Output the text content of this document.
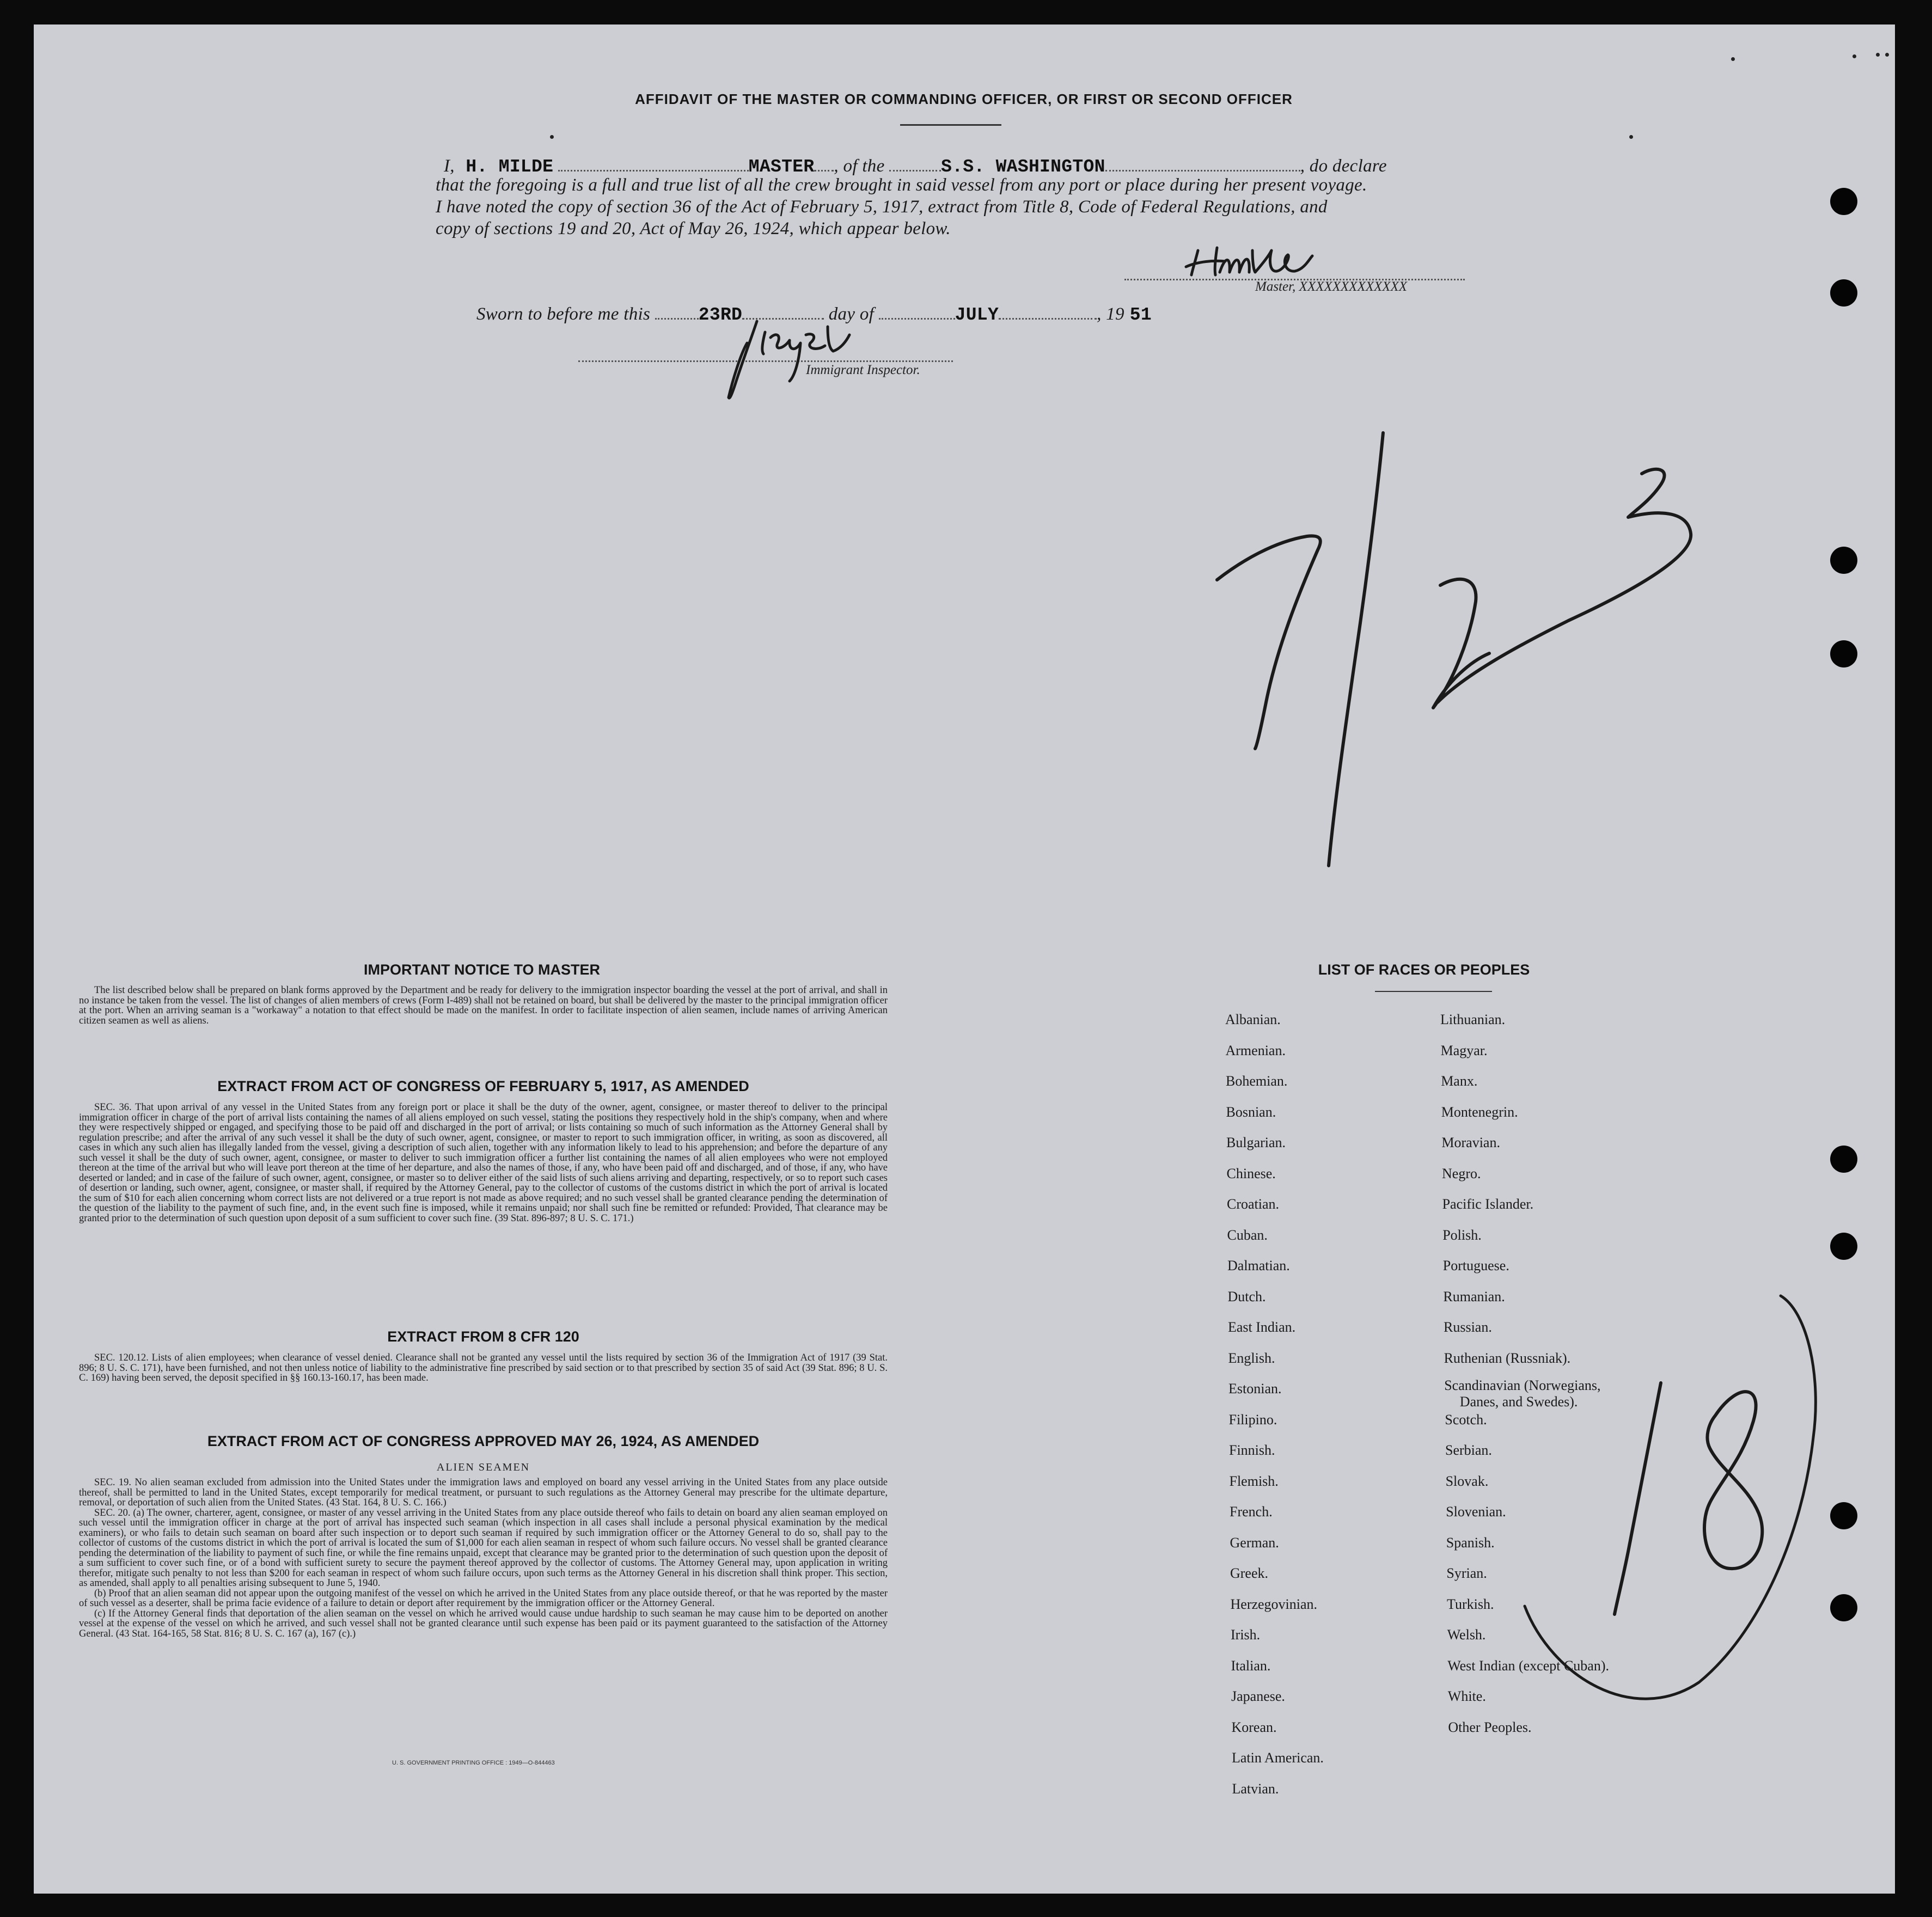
AFFIDAVIT OF THE MASTER OR COMMANDING OFFICER, OR FIRST OR SECOND OFFICER
I, H. MILDE	MASTER , of the	S.S. WASHINGTON	, do declare
that the foregoing is a full and true list of all the crew brought in said vessel from any port or place during her present voyage.
I have noted the copy of section 36 of the Act of February 5, 1917, extract from Title 8, Code of Federal Regulations, and
copy of sections 19 and 20, Act of May 26, 1924, which appear below.
Master, XXXXXXXXXXXXX
Sworn to before me this	23RD	day of	JULY	, 19 51
Immigrant Inspector.
IMPORTANT NOTICE TO MASTER

The list described below shall be prepared on blank forms approved by the Department and be ready for delivery to the immigration inspector boarding the vessel at the port of arrival, and shall in no instance be taken from the vessel. The list of changes of alien members of crews (Form I-489) shall not be retained on board, but shall be delivered by the master to the principal immigration officer at the port. When an arriving seaman is a "workaway" a notation to that effect should be made on the manifest. In order to facilitate inspection of alien seamen, include names of arriving American citizen seamen as well as aliens.

EXTRACT FROM ACT OF CONGRESS OF FEBRUARY 5, 1917, AS AMENDED

SEC. 36. That upon arrival of any vessel in the United States from any foreign port or place it shall be the duty of the owner, agent, consignee, or master thereof to deliver to the principal immigration officer in charge of the port of arrival lists containing the names of all aliens employed on such vessel, stating the positions they respectively hold in the ship's company, when and where they were respectively shipped or engaged, and specifying those to be paid off and discharged in the port of arrival; or lists containing so much of such information as the Attorney General shall by regulation prescribe; and after the arrival of any such vessel it shall be the duty of such owner, agent, consignee, or master to report to such immigration officer, in writing, as soon as discovered, all cases in which any such alien has illegally landed from the vessel, giving a description of such alien, together with any information likely to lead to his apprehension; and before the departure of any such vessel it shall be the duty of such owner, agent, consignee, or master to deliver to such immigration officer a further list containing the names of all alien employees who were not employed thereon at the time of the arrival but who will leave port thereon at the time of her departure, and also the names of those, if any, who have been paid off and discharged, and of those, if any, who have deserted or landed; and in case of the failure of such owner, agent, consignee, or master so to deliver either of the said lists of such aliens arriving and departing, respectively, or so to report such cases of desertion or landing, such owner, agent, consignee, or master shall, if required by the Attorney General, pay to the collector of customs of the customs district in which the port of arrival is located the sum of $10 for each alien concerning whom correct lists are not delivered or a true report is not made as above required; and no such vessel shall be granted clearance pending the determination of the question of the liability to the payment of such fine, and, in the event such fine is imposed, while it remains unpaid; nor shall such fine be remitted or refunded: Provided, That clearance may be granted prior to the determination of such question upon deposit of a sum sufficient to cover such fine. (39 Stat. 896-897; 8 U. S. C. 171.)

EXTRACT FROM 8 CFR 120

SEC. 120.12. Lists of alien employees; when clearance of vessel denied. Clearance shall not be granted any vessel until the lists required by section 36 of the Immigration Act of 1917 (39 Stat. 896; 8 U. S. C. 171), have been furnished, and not then unless notice of liability to the administrative fine prescribed by said section or to that prescribed by section 35 of said Act (39 Stat. 896; 8 U. S. C. 169) having been served, the deposit specified in §§ 160.13-160.17, has been made.

EXTRACT FROM ACT OF CONGRESS APPROVED MAY 26, 1924, AS AMENDED
ALIEN SEAMEN

SEC. 19. No alien seaman excluded from admission into the United States under the immigration laws and employed on board any vessel arriving in the United States from any place outside thereof, shall be permitted to land in the United States, except temporarily for medical treatment, or pursuant to such regulations as the Attorney General may prescribe for the ultimate departure, removal, or deportation of such alien from the United States. (43 Stat. 164, 8 U. S. C. 166.)

SEC. 20. (a) The owner, charterer, agent, consignee, or master of any vessel arriving in the United States from any place outside thereof who fails to detain on board any alien seaman employed on such vessel until the immigration officer in charge at the port of arrival has inspected such seaman (which inspection in all cases shall include a personal physical examination by the medical examiners), or who fails to detain such seaman on board after such inspection or to deport such seaman if required by such immigration officer or the Attorney General to do so, shall pay to the collector of customs of the customs district in which the port of arrival is located the sum of $1,000 for each alien seaman in respect of whom such failure occurs. No vessel shall be granted clearance pending the determination of the liability to payment of such fine, or while the fine remains unpaid, except that clearance may be granted prior to the determination of such question upon the deposit of a sum sufficient to cover such fine, or of a bond with sufficient surety to secure the payment thereof approved by the collector of customs. The Attorney General may, upon application in writing therefor, mitigate such penalty to not less than $200 for each seaman in respect of whom such failure occurs, upon such terms as the Attorney General in his discretion shall think proper. This section, as amended, shall apply to all penalties arising subsequent to June 5, 1940.

(b) Proof that an alien seaman did not appear upon the outgoing manifest of the vessel on which he arrived in the United States from any place outside thereof, or that he was reported by the master of such vessel as a deserter, shall be prima facie evidence of a failure to detain or deport after requirement by the immigration officer or the Attorney General.

(c) If the Attorney General finds that deportation of the alien seaman on the vessel on which he arrived would cause undue hardship to such seaman he may cause him to be deported on another vessel at the expense of the vessel on which he arrived, and such vessel shall not be granted clearance until such expense has been paid or its payment guaranteed to the satisfaction of the Attorney General. (43 Stat. 164-165, 58 Stat. 816; 8 U. S. C. 167 (a), 167 (c).)

U. S. GOVERNMENT PRINTING OFFICE : 1949—O-844463
LIST OF RACES OR PEOPLES
Albanian.
Armenian.
Bohemian.
Bosnian.
Bulgarian.
Chinese.
Croatian.
Cuban.
Dalmatian.
Dutch.
East Indian.
English.
Estonian.
Filipino.
Finnish.
Flemish.
French.
German.
Greek.
Herzegovinian.
Irish.
Italian.
Japanese.
Korean.
Latin American.
Latvian.
Lithuanian.
Magyar.
Manx.
Montenegrin.
Moravian.
Negro.
Pacific Islander.
Polish.
Portuguese.
Rumanian.
Russian.
Ruthenian (Russniak).
Scandinavian (Norwegians,
Danes, and Swedes).
Scotch.
Serbian.
Slovak.
Slovenian.
Spanish.
Syrian.
Turkish.
Welsh.
West Indian (except Cuban).
White.
Other Peoples.
